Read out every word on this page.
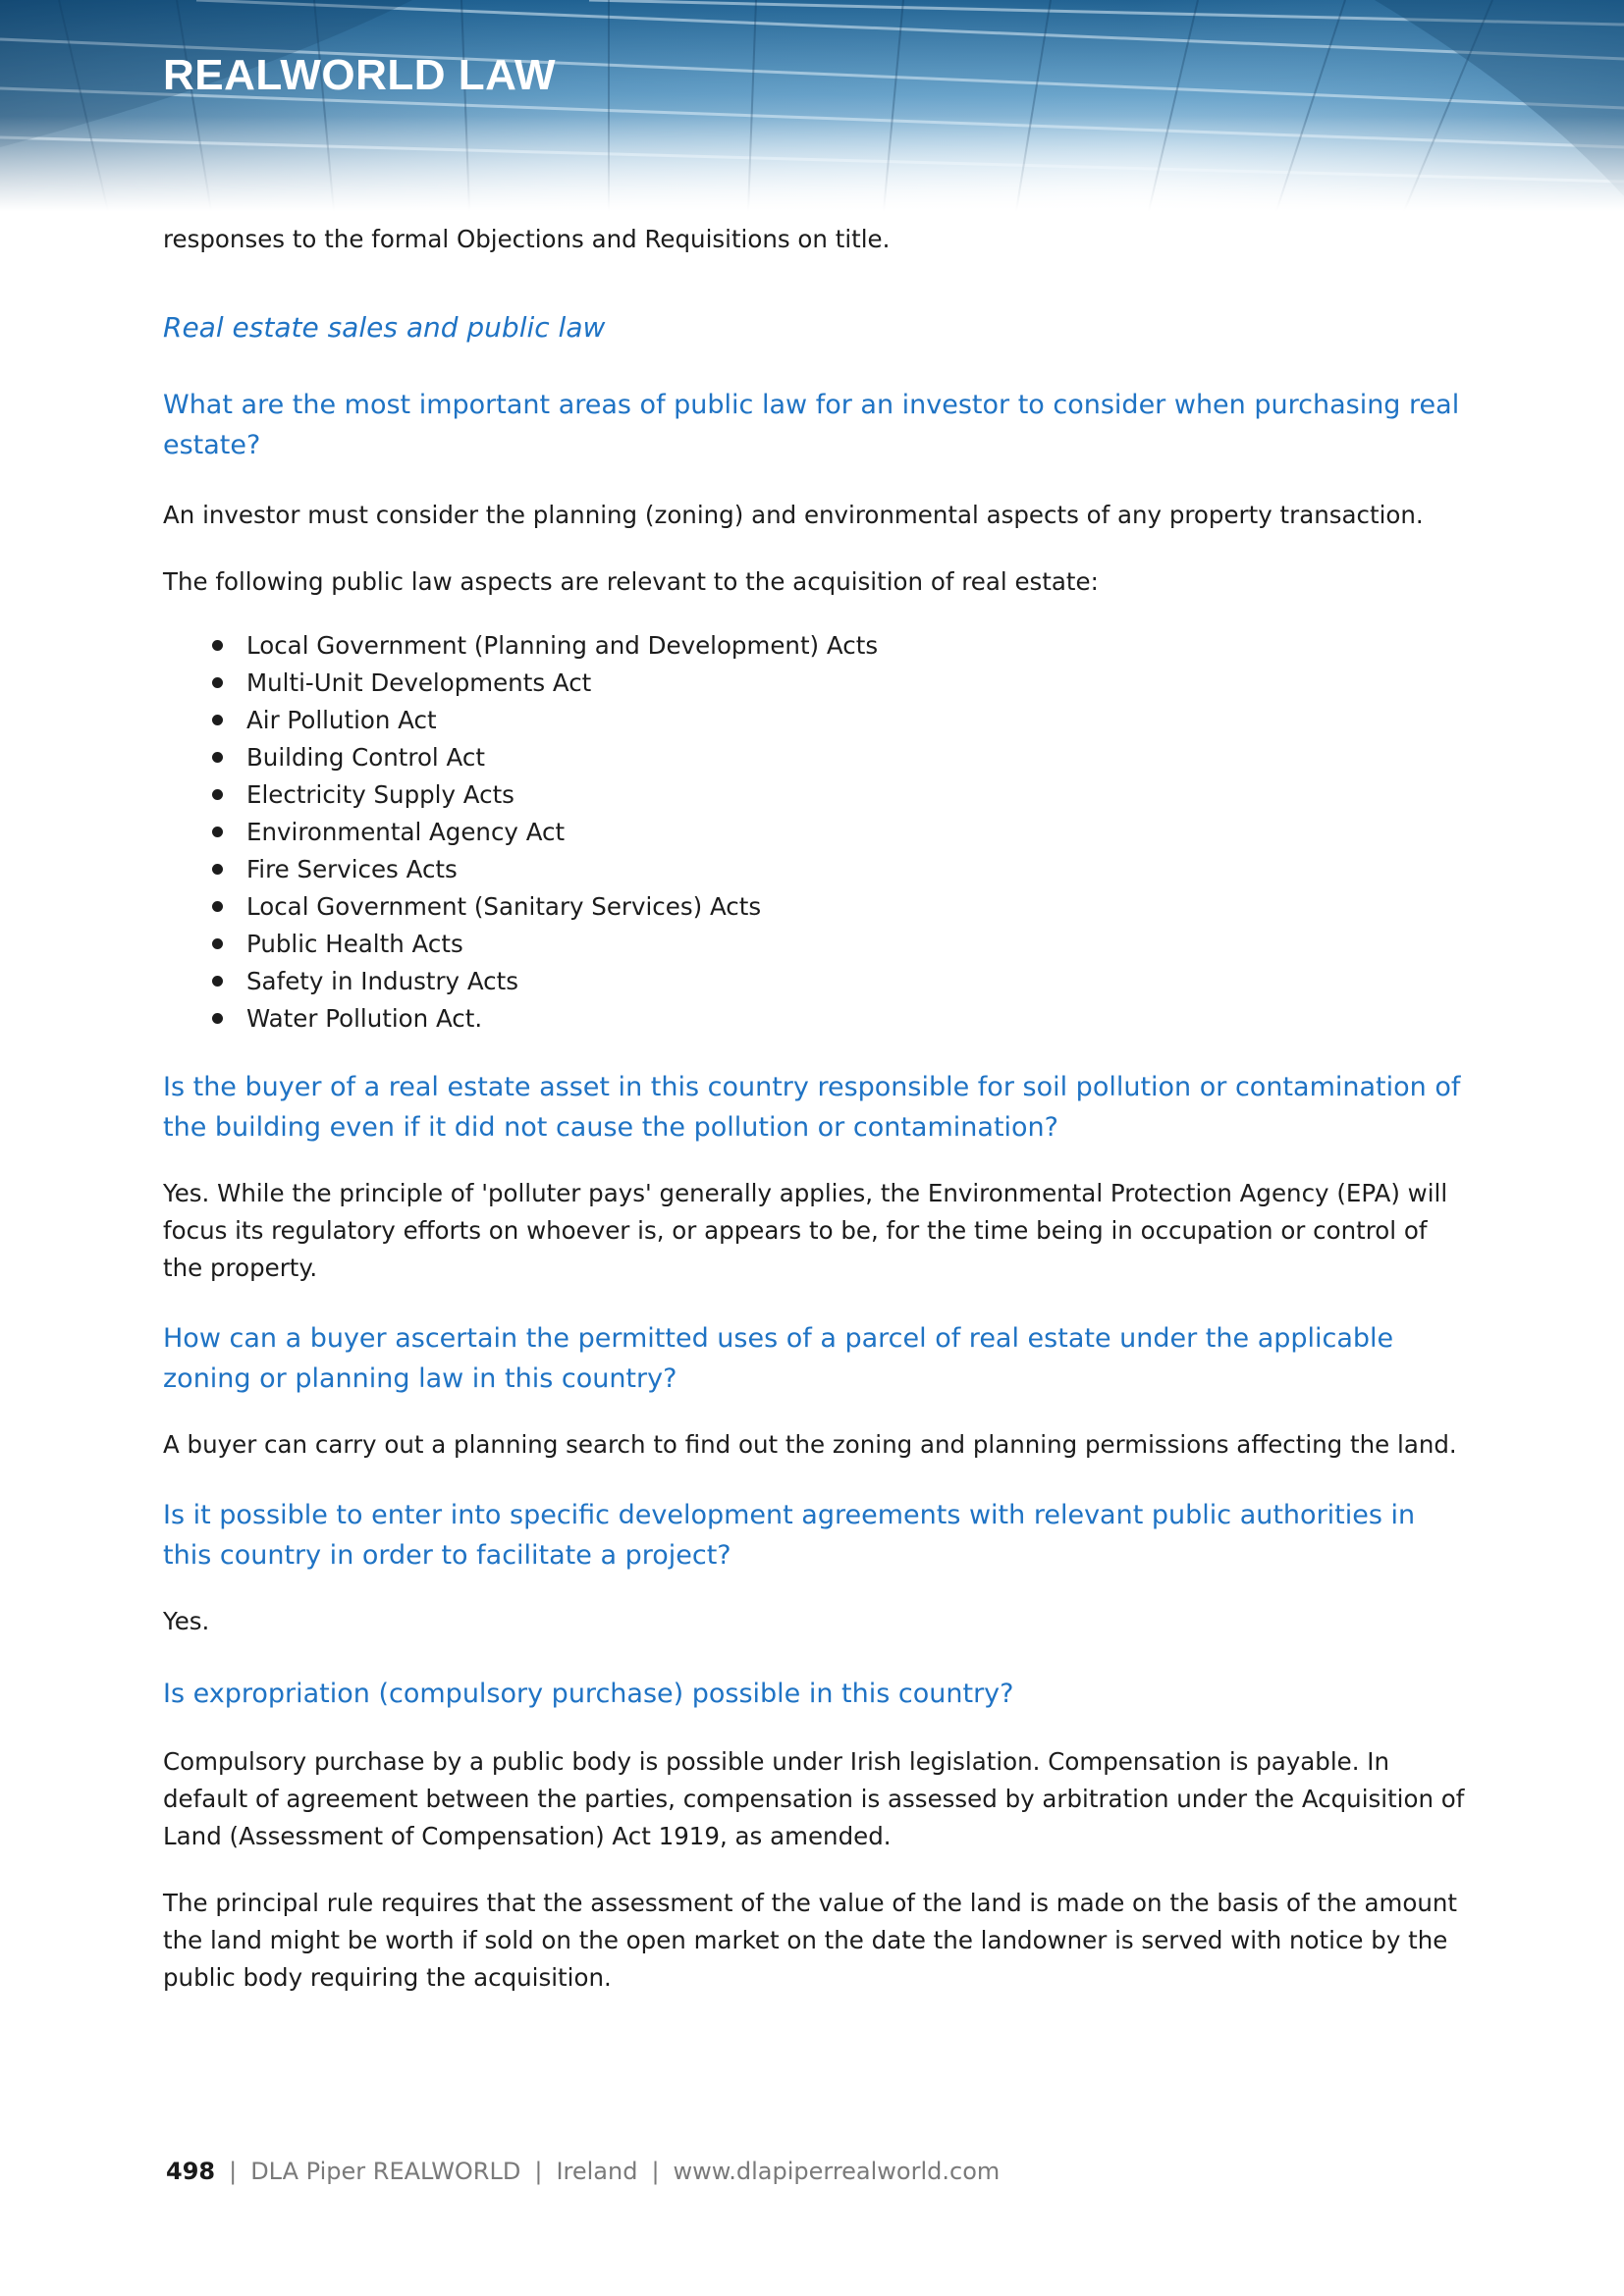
REALWORLD LAW

responses to the formal Objections and Requisitions on title.

Real estate sales and public law

What are the most important areas of public law for an investor to consider when purchasing real estate?

An investor must consider the planning (zoning) and environmental aspects of any property transaction.

The following public law aspects are relevant to the acquisition of real estate:

Local Government (Planning and Development) Acts
Multi-Unit Developments Act
Air Pollution Act
Building Control Act
Electricity Supply Acts
Environmental Agency Act
Fire Services Acts
Local Government (Sanitary Services) Acts
Public Health Acts
Safety in Industry Acts
Water Pollution Act.

Is the buyer of a real estate asset in this country responsible for soil pollution or contamination of the building even if it did not cause the pollution or contamination?

Yes. While the principle of 'polluter pays' generally applies, the Environmental Protection Agency (EPA) will focus its regulatory efforts on whoever is, or appears to be, for the time being in occupation or control of the property.

How can a buyer ascertain the permitted uses of a parcel of real estate under the applicable zoning or planning law in this country?

A buyer can carry out a planning search to find out the zoning and planning permissions affecting the land.

Is it possible to enter into specific development agreements with relevant public authorities in this country in order to facilitate a project?

Yes.

Is expropriation (compulsory purchase) possible in this country?

Compulsory purchase by a public body is possible under Irish legislation. Compensation is payable. In default of agreement between the parties, compensation is assessed by arbitration under the Acquisition of Land (Assessment of Compensation) Act 1919, as amended.

The principal rule requires that the assessment of the value of the land is made on the basis of the amount the land might be worth if sold on the open market on the date the landowner is served with notice by the public body requiring the acquisition.

498 | DLA Piper REALWORLD | Ireland | www.dlapiperrealworld.com
